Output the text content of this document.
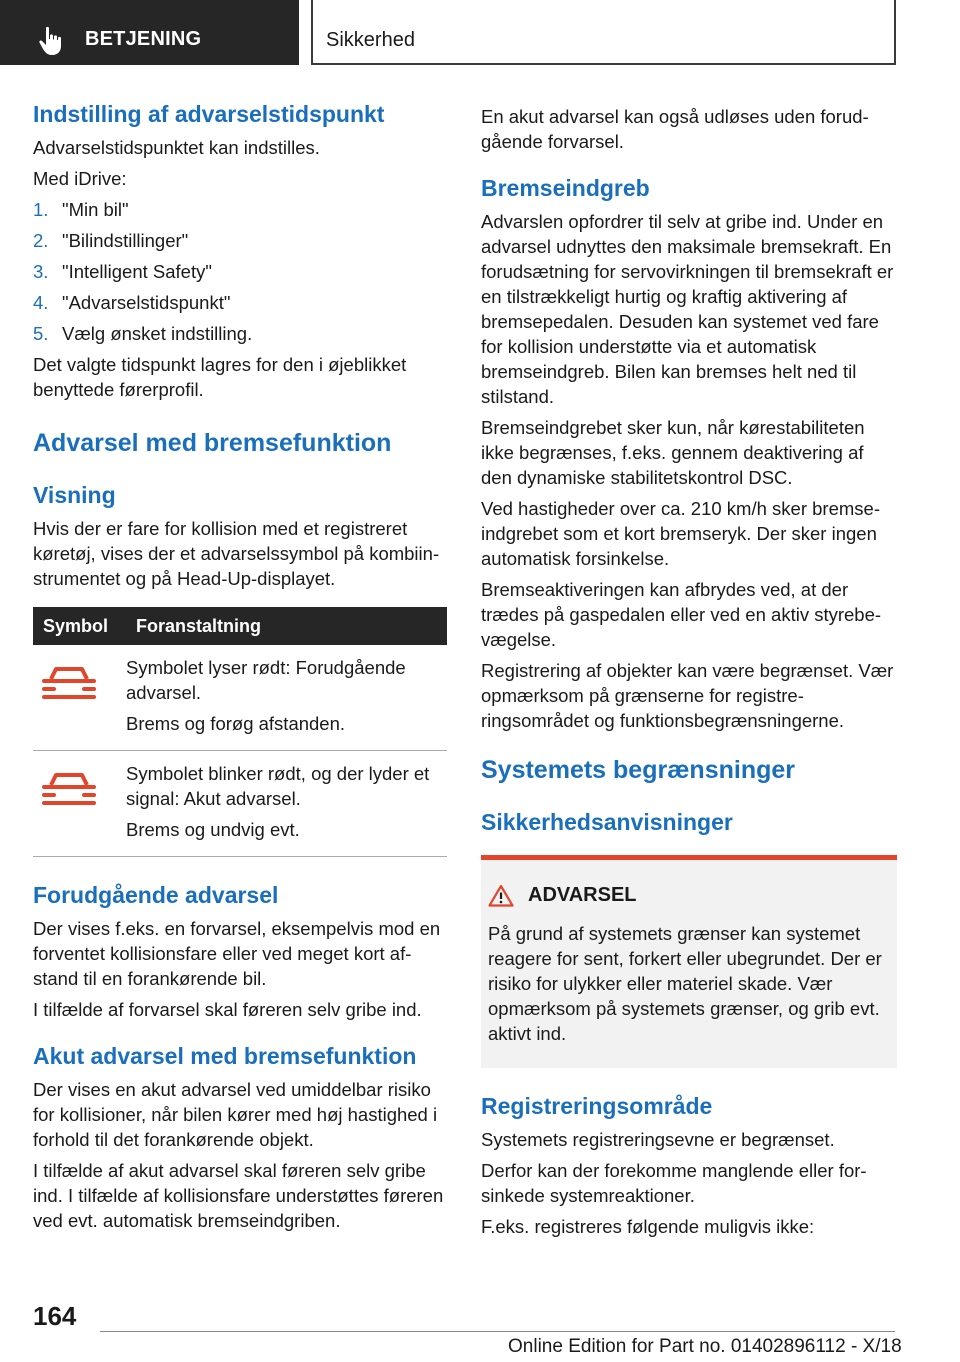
BETJENING	Sikkerhed
Indstilling af advarselstidspunkt

Advarselstidspunktet kan indstilles.

Med iDrive:

1. "Min bil"
2. "Bilindstillinger"
3. "Intelligent Safety"
4. "Advarselstidspunkt"
5. Vælg ønsket indstilling.

Det valgte tidspunkt lagres for den i øjeblikket benyttede førerprofil.

Advarsel med bremsefunktion
Visning

Hvis der er fare for kollision med et registreret køretøj, vises der et advarselssymbol på kombiinstrumentet og på Head-Up-displayet.

Symbol	Foranstaltning

Symbolet lyser rødt: Forudgående advarsel.

Brems og forøg afstanden.

Symbolet blinker rødt, og der lyder et signal: Akut advarsel.

Brems og undvig evt.

Forudgående advarsel

Der vises f.eks. en forvarsel, eksempelvis mod en forventet kollisionsfare eller ved meget kort afstand til en forankørende bil.

I tilfælde af forvarsel skal føreren selv gribe ind.

Akut advarsel med bremsefunktion

Der vises en akut advarsel ved umiddelbar risiko for kollisioner, når bilen kører med høj hastighed i forhold til det forankørende objekt.

I tilfælde af akut advarsel skal føreren selv gribe ind. I tilfælde af kollisionsfare understøttes føreren ved evt. automatisk bremseindgriben.

En akut advarsel kan også udløses uden forudgående forvarsel.

Bremseindgreb

Advarslen opfordrer til selv at gribe ind. Under en advarsel udnyttes den maksimale bremsekraft. En forudsætning for servovirkningen til bremsekraft er en tilstrækkeligt hurtig og kraftig aktivering af bremsepedalen. Desuden kan systemet ved fare for kollision understøtte via et automatisk bremseindgreb. Bilen kan bremses helt ned til stilstand.

Bremseindgrebet sker kun, når kørestabiliteten ikke begrænses, f.eks. gennem deaktivering af den dynamiske stabilitetskontrol DSC.

Ved hastigheder over ca. 210 km/h sker bremseindgrebet som et kort bremseryk. Der sker ingen automatisk forsinkelse.

Bremseaktiveringen kan afbrydes ved, at der trædes på gaspedalen eller ved en aktiv styrebevægelse.

Registrering af objekter kan være begrænset. Vær opmærksom på grænserne for registreringsområdet og funktionsbegrænsningerne.

Systemets begrænsninger
Sikkerhedsanvisninger
ADVARSEL

På grund af systemets grænser kan systemet reagere for sent, forkert eller ubegrundet. Der er risiko for ulykker eller materiel skade. Vær opmærksom på systemets grænser, og grib evt. aktivt ind.

Registreringsområde

Systemets registreringsevne er begrænset.

Derfor kan der forekomme manglende eller forsinkede systemreaktioner.

F.eks. registreres følgende muligvis ikke:

164
Online Edition for Part no. 01402896112 - X/18
